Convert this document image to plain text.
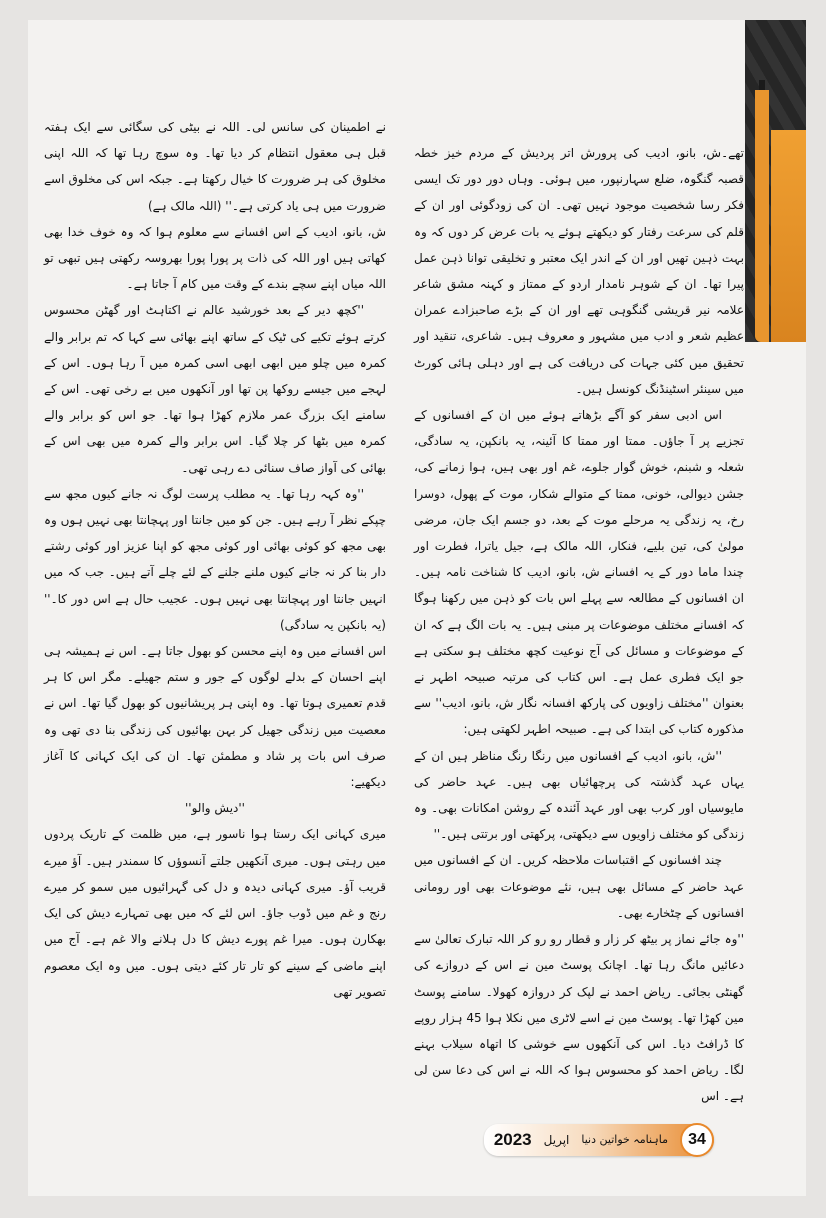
نے اطمینان کی سانس لی۔ اللہ نے بیٹی کی سگائی سے ایک ہفتہ قبل ہی معقول انتظام کر دیا تھا۔ وہ سوچ رہا تھا کہ اللہ اپنی مخلوق کی ہر ضرورت کا خیال رکھتا ہے۔ جبکہ اس کی مخلوق اسے ضرورت میں ہی یاد کرتی ہے۔'' (اللہ مالک ہے)

ش، بانو، ادیب کے اس افسانے سے معلوم ہوا کہ وہ خوف خدا بھی کھاتی ہیں اور اللہ کی ذات پر پورا پورا بھروسہ رکھتی ہیں تبھی تو اللہ میاں اپنے سچے بندے کے وقت میں کام آ جاتا ہے۔

''کچھ دیر کے بعد خورشید عالم نے اکتاہٹ اور گھٹن محسوس کرتے ہوئے تکیے کی ٹیک کے ساتھ اپنے بھائی سے کہا کہ تم برابر والے کمرہ میں چلو میں ابھی ابھی اسی کمرہ میں آ رہا ہوں۔ اس کے لہجے میں جیسے روکھا پن تھا اور آنکھوں میں بے رخی تھی۔ اس کے سامنے ایک بزرگ عمر ملازم کھڑا ہوا تھا۔ جو اس کو برابر والے کمرہ میں بٹھا کر چلا گیا۔ اس برابر والے کمرہ میں بھی اس کے بھائی کی آواز صاف سنائی دے رہی تھی۔

''وہ کہہ رہا تھا۔ یہ مطلب پرست لوگ نہ جانے کیوں مجھ سے چپکے نظر آ رہے ہیں۔ جن کو میں جانتا اور پہچانتا بھی نہیں ہوں وہ بھی مجھ کو کوئی بھائی اور کوئی مجھ کو اپنا عزیز اور کوئی رشتے دار بنا کر نہ جانے کیوں ملنے جلنے کے لئے چلے آتے ہیں۔ جب کہ میں انہیں جانتا اور پہچانتا بھی نہیں ہوں۔ عجیب حال ہے اس دور کا۔'' (یہ بانکپن یہ سادگی)

اس افسانے میں وہ اپنے محسن کو بھول جاتا ہے۔ اس نے ہمیشہ ہی اپنے احسان کے بدلے لوگوں کے جور و ستم جھیلے۔ مگر اس کا ہر قدم تعمیری ہوتا تھا۔ وہ اپنی ہر پریشانیوں کو بھول گیا تھا۔ اس نے معصیت میں زندگی جھیل کر بہن بھائیوں کی زندگی بنا دی تھی وہ صرف اس بات پر شاد و مطمئن تھا۔ ان کی ایک کہانی کا آغاز دیکھیے:

''دیش والو''

میری کہانی ایک رستا ہوا ناسور ہے، میں ظلمت کے تاریک پردوں میں رہتی ہوں۔ میری آنکھیں جلتے آنسوؤں کا سمندر ہیں۔ آؤ میرے قریب آؤ۔ میری کہانی دیدہ و دل کی گہرائیوں میں سمو کر میرے رنج و غم میں ڈوب جاؤ۔ اس لئے کہ میں بھی تمہارے دیش کی ایک بھکارن ہوں۔ میرا غم پورے دیش کا دل ہلانے والا غم ہے۔ آج میں اپنے ماضی کے سینے کو تار تار کئے دیتی ہوں۔ میں وہ ایک معصوم تصویر تھی

تھے۔ش، بانو، ادیب کی پرورش اتر پردیش کے مردم خیز خطہ قصبہ گنگوہ، ضلع سہارنپور، میں ہوئی۔ وہاں دور دور تک ایسی فکر رسا شخصیت موجود نہیں تھی۔ ان کی زودگوئی اور ان کے قلم کی سرعت رفتار کو دیکھتے ہوئے یہ بات عرض کر دوں کہ وہ بہت ذہین تھیں اور ان کے اندر ایک معتبر و تخلیقی توانا ذہن عمل پیرا تھا۔ ان کے شوہر نامدار اردو کے ممتاز و کہنہ مشق شاعر علامہ نیر قریشی گنگوہی تھے اور ان کے بڑے صاحبزادے عمران عظیم شعر و ادب میں مشہور و معروف ہیں۔ شاعری، تنقید اور تحقیق میں کئی جہات کی دریافت کی ہے اور دہلی ہائی کورٹ میں سینئر اسٹینڈنگ کونسل ہیں۔

اس ادبی سفر کو آگے بڑھاتے ہوئے میں ان کے افسانوں کے تجزیے پر آ جاؤں۔ ممتا اور ممتا کا آئینہ، یہ بانکپن، یہ سادگی، شعلہ و شبنم، خوش گوار جلوے، غم اور بھی ہیں، ہوا زمانے کی، جشن دیوالی، خونی، ممتا کے متوالے شکار، موت کے پھول، دوسرا رخ، یہ زندگی یہ مرحلے موت کے بعد، دو جسم ایک جان، مرضی مولیٰ کی، تین بلیے، فنکار، اللہ مالک ہے، جیل یاترا، فطرت اور چندا ماما دور کے یہ افسانے ش، بانو، ادیب کا شناخت نامہ ہیں۔ ان افسانوں کے مطالعہ سے پہلے اس بات کو ذہن میں رکھنا ہوگا کہ افسانے مختلف موضوعات پر مبنی ہیں۔ یہ بات الگ ہے کہ ان کے موضوعات و مسائل کی آج نوعیت کچھ مختلف ہو سکتی ہے جو ایک فطری عمل ہے۔ اس کتاب کی مرتبہ صبیحہ اطہر نے بعنوان ''مختلف زاویوں کی پارکھ افسانہ نگار ش، بانو، ادیب'' سے مذکورہ کتاب کی ابتدا کی ہے۔ صبیحہ اطہر لکھتی ہیں:

''ش، بانو، ادیب کے افسانوں میں رنگا رنگ مناظر ہیں ان کے یہاں عہد گذشتہ کی پرچھائیاں بھی ہیں۔ عہد حاضر کی مایوسیاں اور کرب بھی اور عہد آئندہ کے روشن امکانات بھی۔ وہ زندگی کو مختلف زاویوں سے دیکھتی، پرکھتی اور برتتی ہیں۔''

چند افسانوں کے اقتباسات ملاحظہ کریں۔ ان کے افسانوں میں عہد حاضر کے مسائل بھی ہیں، نئے موضوعات بھی اور رومانی افسانوں کے چٹخارے بھی۔

''وہ جائے نماز پر بیٹھ کر زار و قطار رو رو کر اللہ تبارک تعالیٰ سے دعائیں مانگ رہا تھا۔ اچانک پوسٹ مین نے اس کے دروازے کی گھنٹی بجائی۔ ریاض احمد نے لپک کر دروازہ کھولا۔ سامنے پوسٹ مین کھڑا تھا۔ پوسٹ مین نے اسے لاٹری میں نکلا ہوا 45 ہزار روپے کا ڈرافٹ دیا۔ اس کی آنکھوں سے خوشی کا اتھاہ سیلاب بہنے لگا۔ ریاض احمد کو محسوس ہوا کہ اللہ نے اس کی دعا سن لی ہے۔ اس

2023 اپریل ماہنامہ خواتین دنیا	34
